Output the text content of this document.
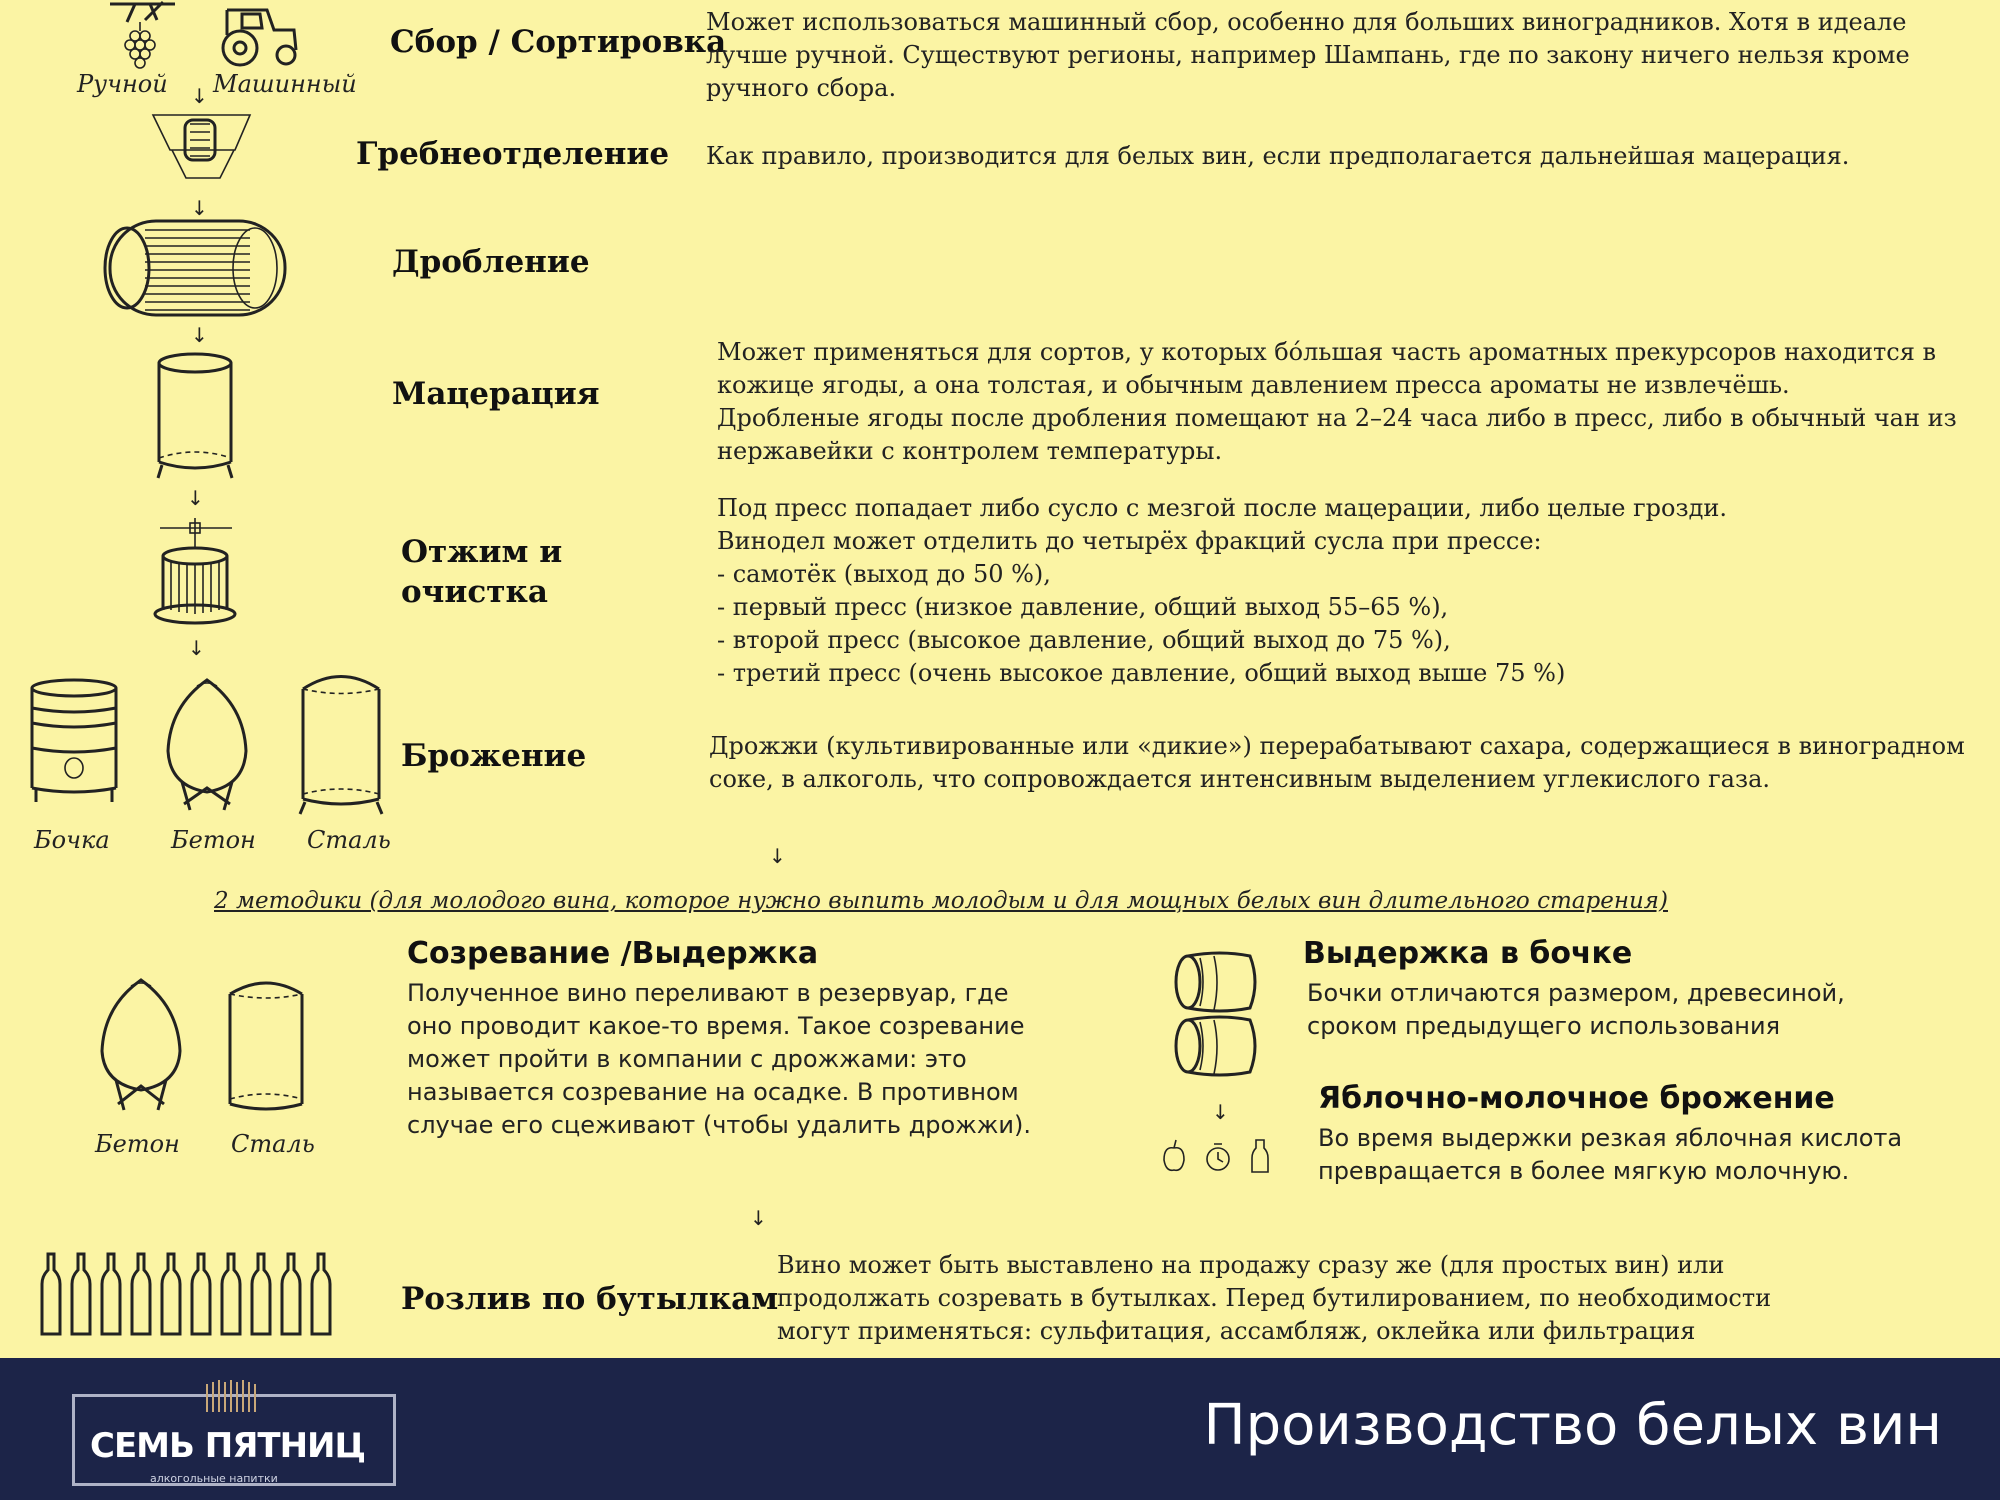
Ручной Машинный
↓
↓
↓
↓
↓
Бочка	Бетон Сталь
Сбор / Сортировка
Может использоваться машинный сбор, особенно для больших виноградников. Хотя в идеале
лучше ручной. Существуют регионы, например Шампань, где по закону ничего нельзя кроме
ручного сбора.
Гребнеотделение Как правило, производится для белых вин, если предполагается дальнейшая мацерация.
Дробление
Мацерация
Может применяться для сортов, у которых бóльшая часть ароматных прекурсоров находится в
кожице ягоды, а она толстая, и обычным давлением пресса ароматы не извлечёшь.
Дробленые ягоды после дробления помещают на 2–24 часа либо в пресс, либо в обычный чан из
нержавейки с контролем температуры.
Отжим и
очистка
Под пресс попадает либо сусло с мезгой после мацерации, либо целые грозди.
Винодел может отделить до четырёх фракций сусла при прессе:
- самотёк (выход до 50 %),
- первый пресс (низкое давление, общий выход 55–65 %),
- второй пресс (высокое давление, общий выход до 75 %),
- третий пресс (очень высокое давление, общий выход выше 75 %)
Брожение	Дрожжи (культивированные или «дикие») перерабатывают сахара, содержащиеся в виноградном
соке, в алкоголь, что сопровождается интенсивным выделением углекислого газа.
↓
2 методики (для молодого вина, которое нужно выпить молодым и для мощных белых вин длительного старения)
Бетон Сталь
Созревание /Выдержка
Полученное вино переливают в резервуар, где
оно проводит какое-то время. Такое созревание
может пройти в компании с дрожжами: это
называется созревание на осадке. В противном
случае его сцеживают (чтобы удалить дрожжи).	↓
Выдержка в бочке
Бочки отличаются размером, древесиной,
сроком предыдущего использования
Яблочно-молочное брожение
Во время выдержки резкая яблочная кислота
превращается в более мягкую молочную.
↓
Розлив по бутылкам
Вино может быть выставлено на продажу сразу же (для простых вин) или
продолжать созревать в бутылках. Перед бутилированием, по необходимости
могут применяться: сульфитация, ассамбляж, оклейка или фильтрация
СЕМЬ ПЯТНИЦ
алкогольные напитки
Производство белых вин
